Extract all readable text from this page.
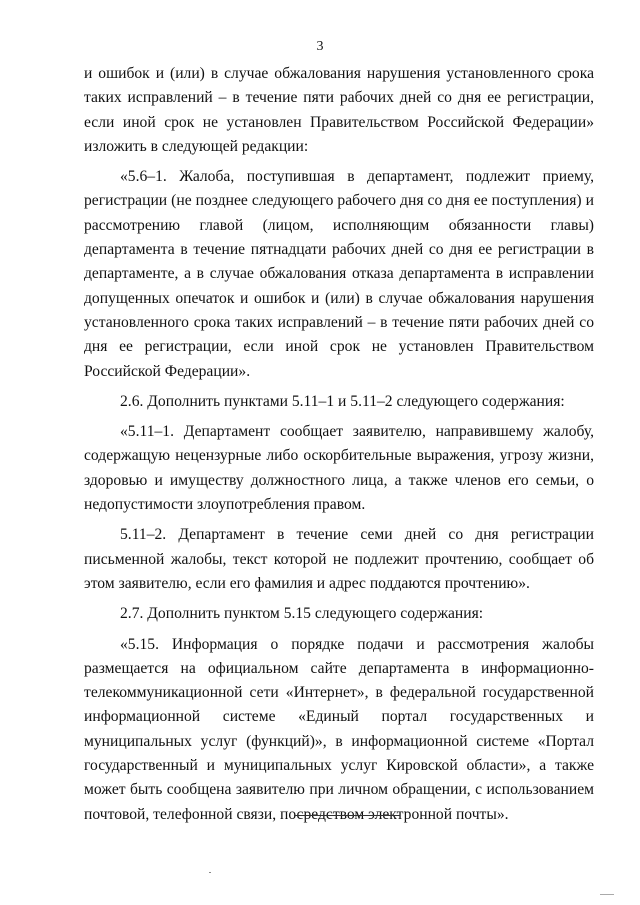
3

и ошибок и (или) в случае обжалования нарушения установленного срока таких исправлений – в течение пяти рабочих дней со дня ее регистрации, если иной срок не установлен Правительством Российской Федерации» изложить в следующей редакции:

«5.6–1. Жалоба, поступившая в департамент, подлежит приему, регистрации (не позднее следующего рабочего дня со дня ее поступления) и рассмотрению главой (лицом, исполняющим обязанности главы) департамента в течение пятнадцати рабочих дней со дня ее регистрации в департаменте, а в случае обжалования отказа департамента в исправлении допущенных опечаток и ошибок и (или) в случае обжалования нарушения установленного срока таких исправлений – в течение пяти рабочих дней со дня ее регистрации, если иной срок не установлен Правительством Российской Федерации».

2.6. Дополнить пунктами 5.11–1 и 5.11–2 следующего содержания:

«5.11–1. Департамент сообщает заявителю, направившему жалобу, содержащую нецензурные либо оскорбительные выражения, угрозу жизни, здоровью и имуществу должностного лица, а также членов его семьи, о недопустимости злоупотребления правом.

5.11–2. Департамент в течение семи дней со дня регистрации письменной жалобы, текст которой не подлежит прочтению, сообщает об этом заявителю, если его фамилия и адрес поддаются прочтению».

2.7. Дополнить пунктом 5.15 следующего содержания:

«5.15. Информация о порядке подачи и рассмотрения жалобы размещается на официальном сайте департамента в информационно-телекоммуникационной сети «Интернет», в федеральной государственной информационной системе «Единый портал государственных и муниципальных услуг (функций)», в информационной системе «Портал государственный и муниципальных услуг Кировской области», а также может быть сообщена заявителю при личном обращении, с использованием почтовой, телефонной связи, посредством электронной почты».
